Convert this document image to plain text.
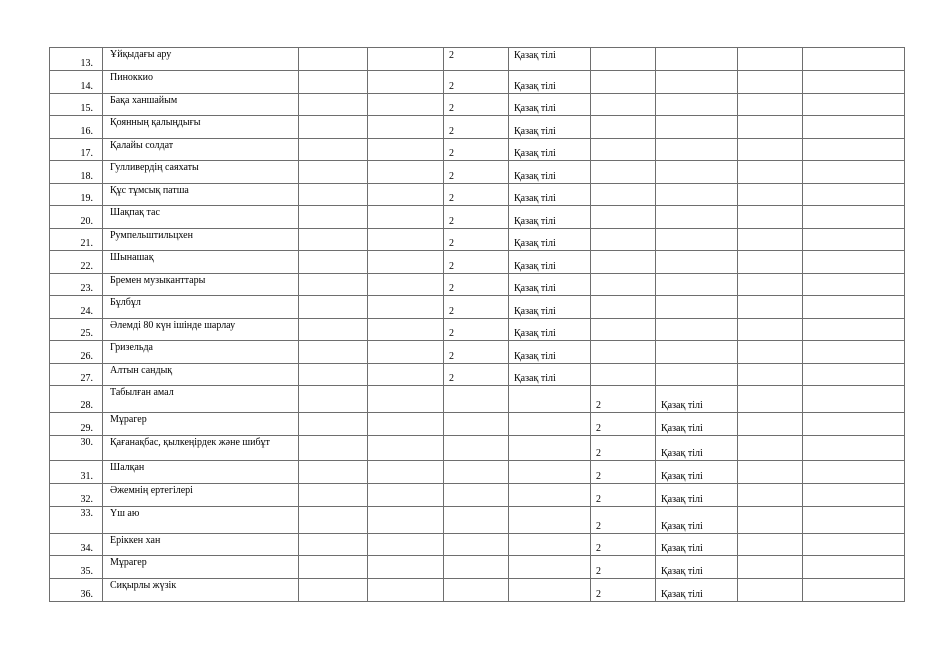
13.	Ұйқыдағы ару			2	Қазақ тілі				

14.	Пиноккио			2	Қазақ тілі				

15.	Бақа ханшайым			2	Қазақ тілі				

16.	Қоянның қалыңдығы			2	Қазақ тілі				

17.	Қалайы солдат			2	Қазақ тілі				

18.	Гулливердің саяхаты			2	Қазақ тілі				

19.	Құс тұмсық патша			2	Қазақ тілі				

20.	Шақпақ тас			2	Қазақ тілі				

21.	Румпельштильцхен			2	Қазақ тілі				

22.	Шынашақ			2	Қазақ тілі				

23.	Бремен музыканттары			2	Қазақ тілі				

24.	Бұлбұл			2	Қазақ тілі				

25.	Әлемді 80 күн ішінде шарлау			2	Қазақ тілі				

26.	Гризельда			2	Қазақ тілі				

27.	Алтын сандық			2	Қазақ тілі				

28.	Табылған амал					2	Қазақ тілі		

29.	Мұрагер					2	Қазақ тілі		

30.	Қағанақбас, қылкеңірдек және шибұт					2	Қазақ тілі		

31.	Шалқан					2	Қазақ тілі		

32.	Әжемнің ертегілері					2	Қазақ тілі		

33.	Үш аю					2	Қазақ тілі		

34.	Еріккен хан					2	Қазақ тілі		

35.	Мұрагер					2	Қазақ тілі		

36.	Сиқырлы жүзік					2	Қазақ тілі		
